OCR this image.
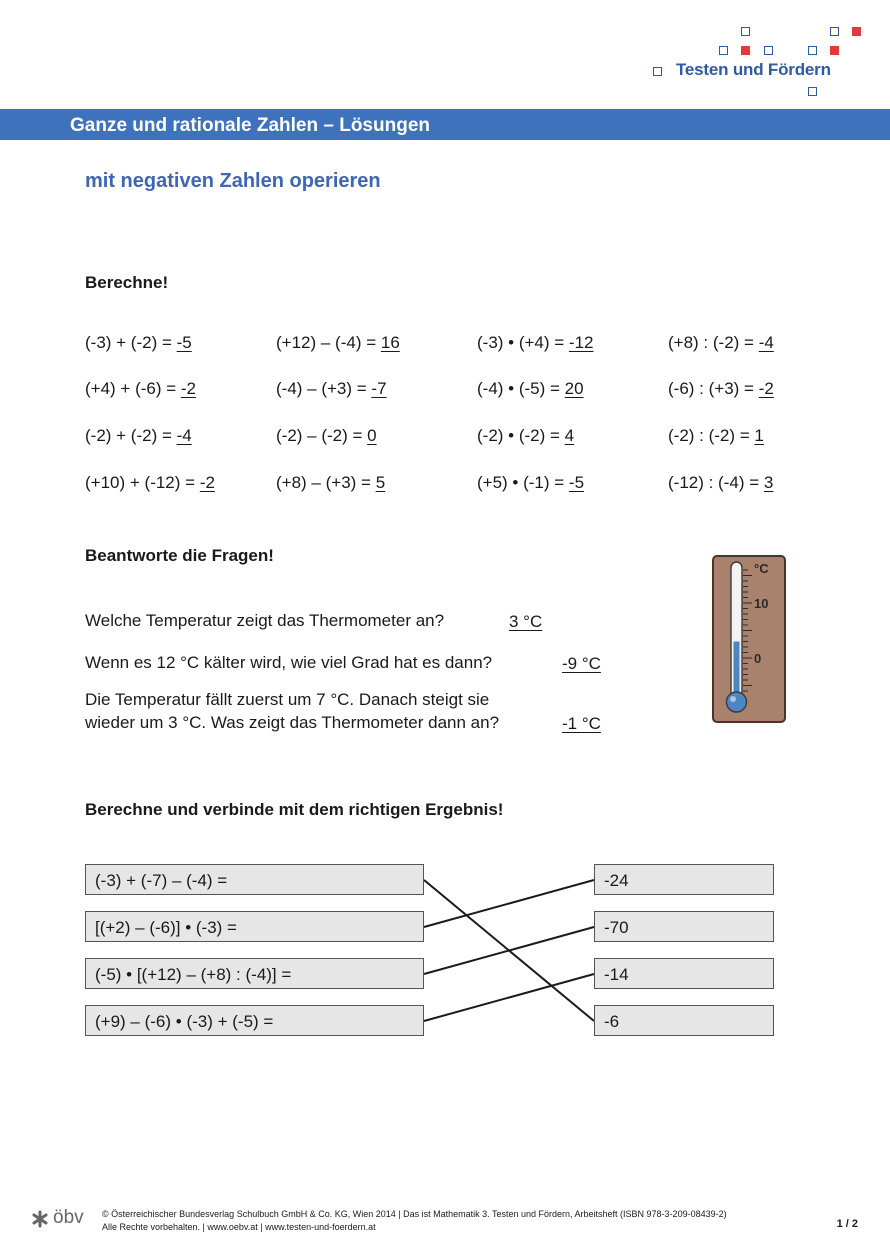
Testen und Fördern
Ganze und rationale Zahlen – Lösungen
mit negativen Zahlen operieren
Berechne!
(-3) + (-2) = -5	(+12) – (-4) = 16	(-3) • (+4) = -12	(+8) : (-2) = -4
(+4) + (-6) = -2	(-4) – (+3) = -7	(-4) • (-5) = 20	(-6) : (+3) = -2
(-2) + (-2) = -4	(-2) – (-2) = 0	(-2) • (-2) = 4	(-2) : (-2) = 1
(+10) + (-12) = -2	(+8) – (+3) = 5	(+5) • (-1) = -5	(-12) : (-4) = 3
Beantworte die Fragen!
Welche Temperatur zeigt das Thermometer an?	3 °C
Wenn es 12 °C kälter wird, wie viel Grad hat es dann?	-9 °C
Die Temperatur fällt zuerst um 7 °C. Danach steigt sie
wieder um 3 °C. Was zeigt das Thermometer dann an?	-1 °C
°C
10
0
Berechne und verbinde mit dem richtigen Ergebnis!
(-3) + (-7) – (-4) =
[(+2) – (-6)] • (-3) =
(-5) • [(+12) – (+8) : (-4)] =
(+9) – (-6) • (-3) + (-5) =
-24
-70
-14
-6
öbv © Österreichischer Bundesverlag Schulbuch GmbH & Co. KG, Wien 2014 | Das ist Mathematik 3. Testen und Fördern, Arbeitsheft (ISBN 978-3-209-08439-2)
Alle Rechte vorbehalten. | www.oebv.at | www.testen-und-foerdern.at	1 / 2
